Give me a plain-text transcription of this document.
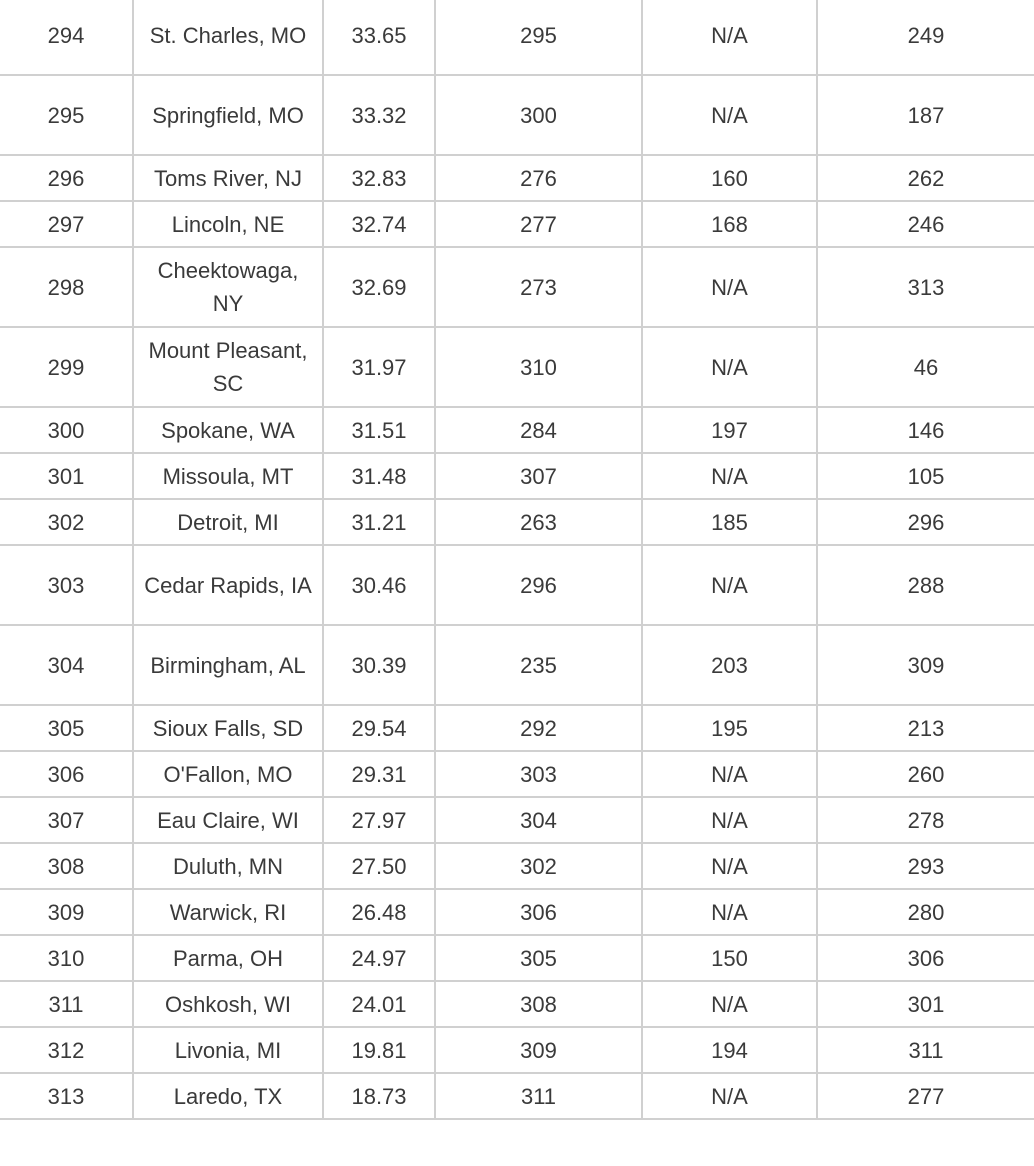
294	St. Charles, MO	33.65	295	N/A	249
295	Springfield, MO	33.32	300	N/A	187
296	Toms River, NJ	32.83	276	160	262
297	Lincoln, NE	32.74	277	168	246
298	Cheektowaga, NY	32.69	273	N/A	313
299	Mount Pleasant, SC	31.97	310	N/A	46
300	Spokane, WA	31.51	284	197	146
301	Missoula, MT	31.48	307	N/A	105
302	Detroit, MI	31.21	263	185	296
303	Cedar Rapids, IA	30.46	296	N/A	288
304	Birmingham, AL	30.39	235	203	309
305	Sioux Falls, SD	29.54	292	195	213
306	O'Fallon, MO	29.31	303	N/A	260
307	Eau Claire, WI	27.97	304	N/A	278
308	Duluth, MN	27.50	302	N/A	293
309	Warwick, RI	26.48	306	N/A	280
310	Parma, OH	24.97	305	150	306
311	Oshkosh, WI	24.01	308	N/A	301
312	Livonia, MI	19.81	309	194	311
313	Laredo, TX	18.73	311	N/A	277
